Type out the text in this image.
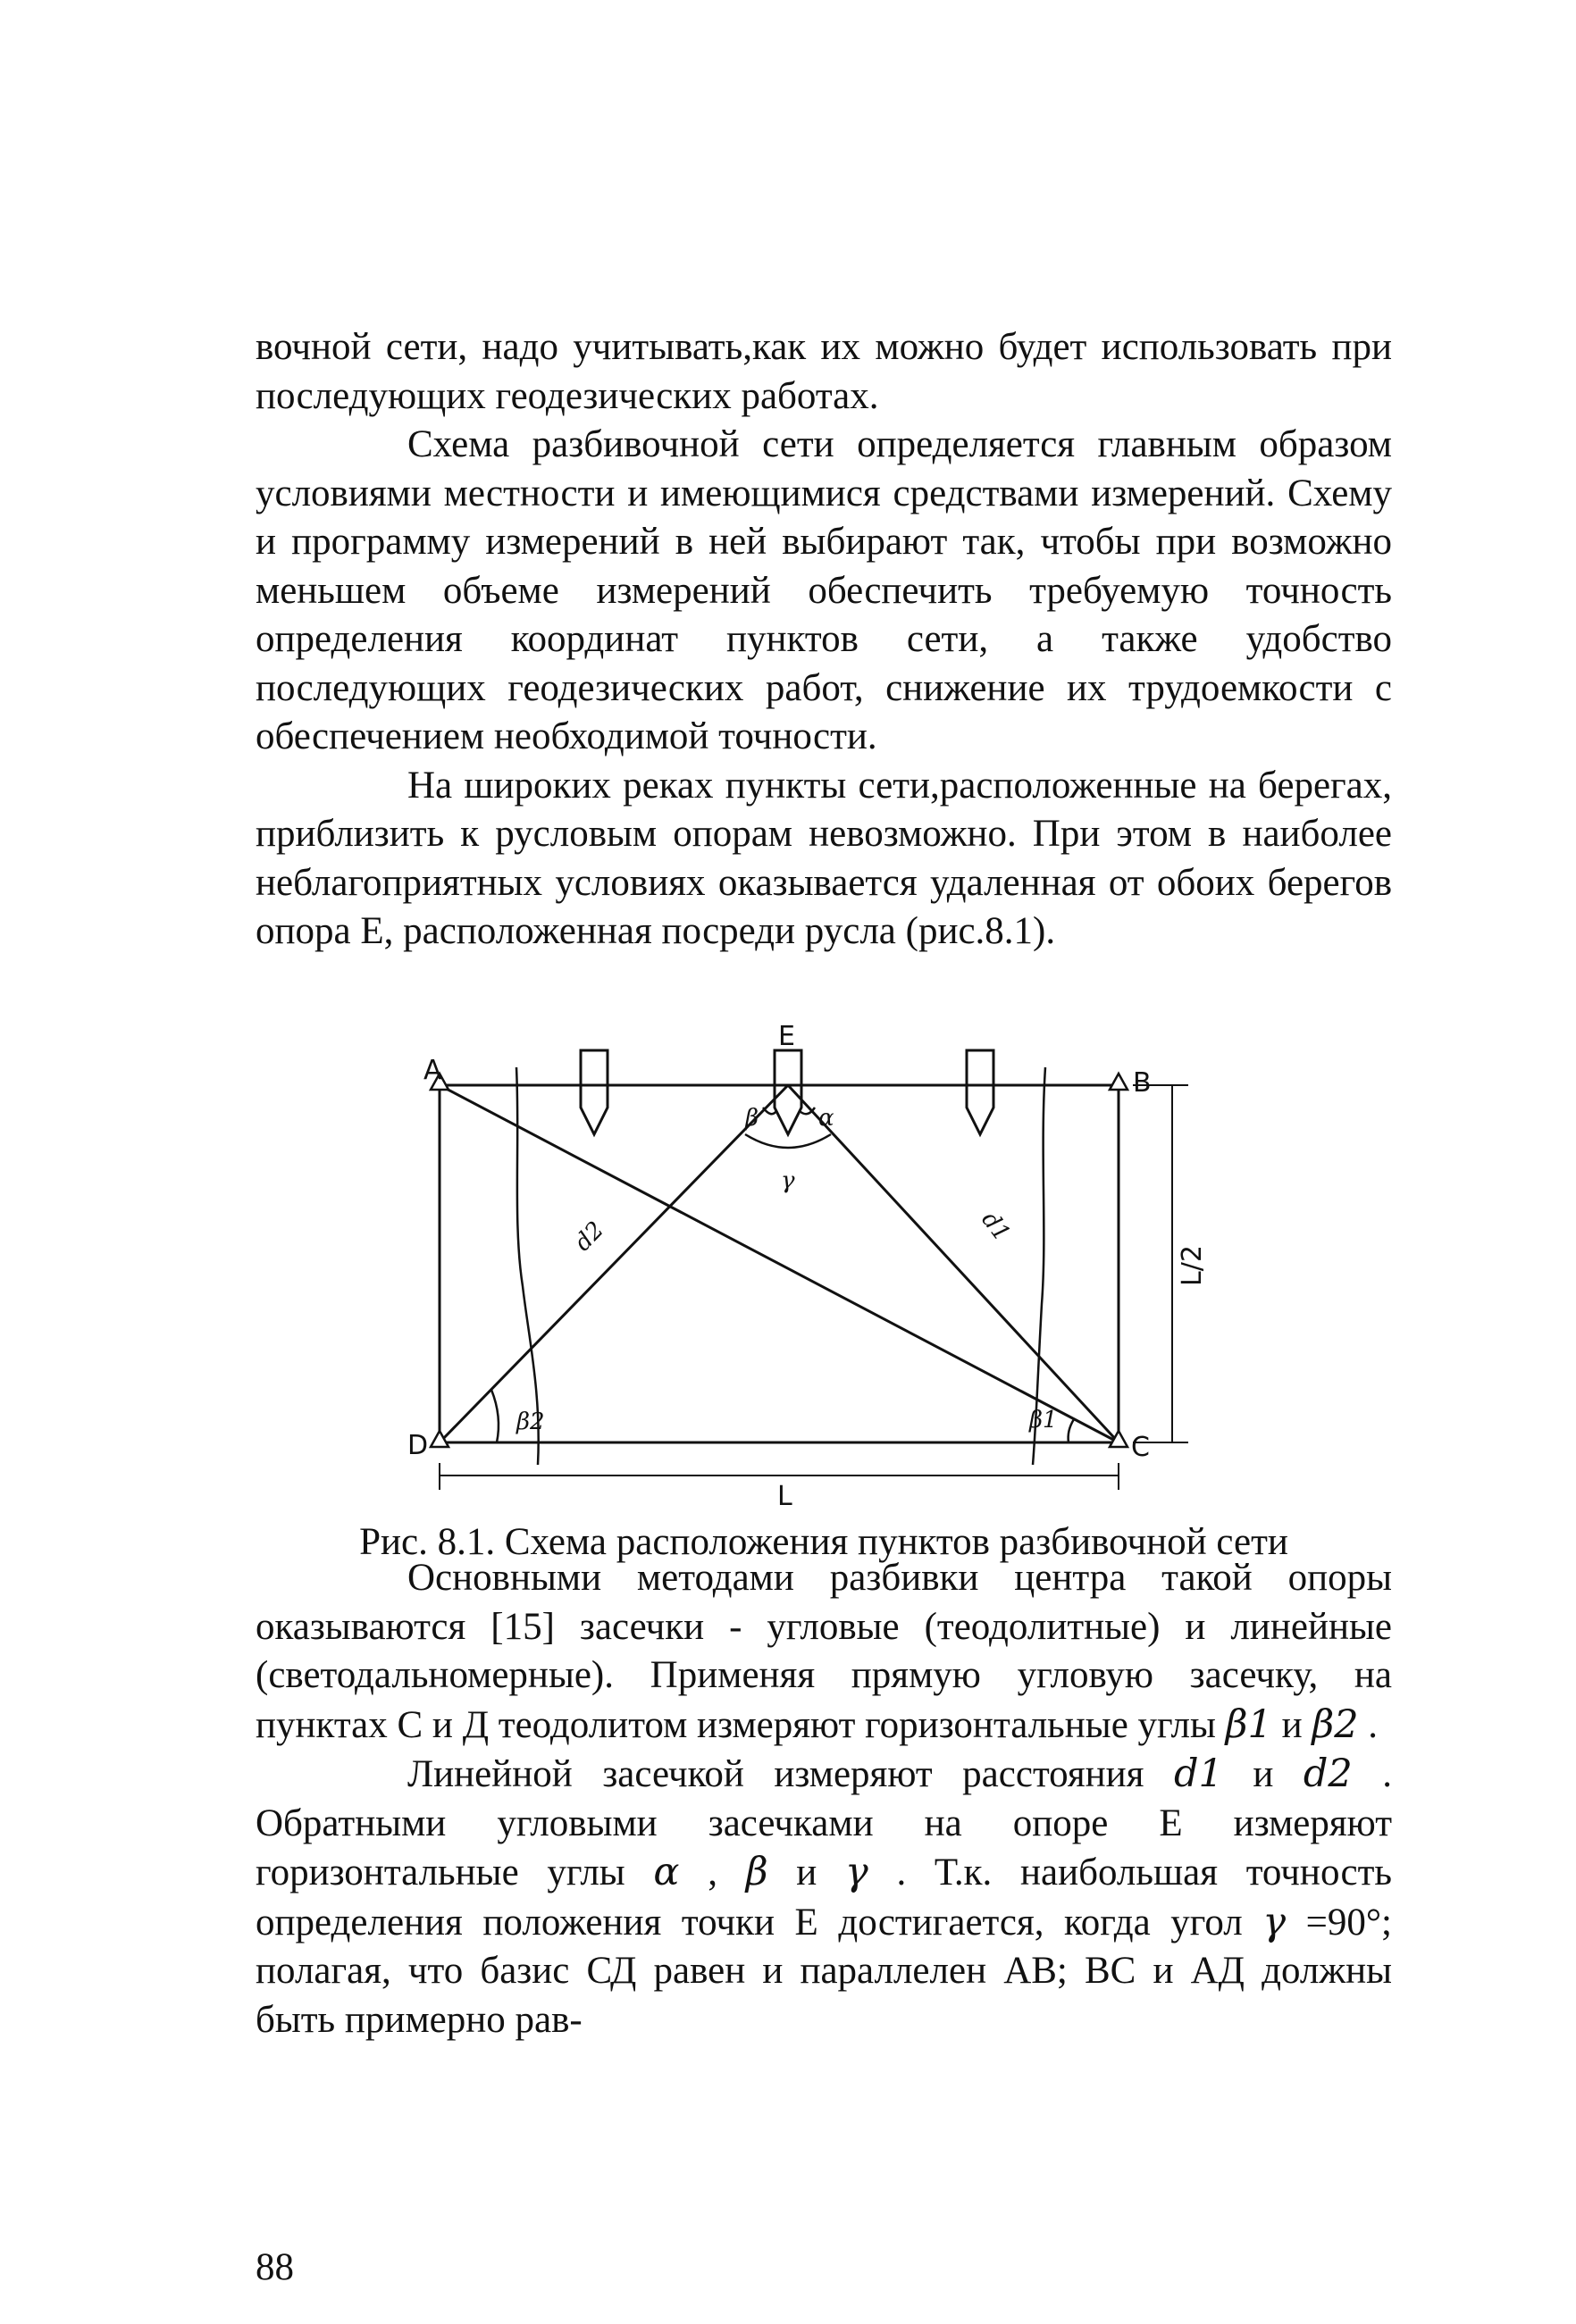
вочной сети, надо учитывать,как их можно будет использовать при последующих геодезических работах.

Схема разбивочной сети определяется главным образом условиями местности и имеющимися средствами измерений. Схему и программу измерений в ней выбирают так, чтобы при возможно меньшем объеме измерений обеспечить требуемую точность определения координат пунктов сети, а также удобство последующих геодезических работ, снижение их трудоемкости с обеспечением необходимой точности.

На широких реках пункты сети,расположенные на берегах, приблизить к русловым опорам невозможно. При этом в наиболее неблагоприятных условиях оказывается удаленная от обоих берегов опора Е, расположенная посреди русла (рис.8.1).

A	B
C
D
E
L
L/2
d1
d2
β	α
γ
β2	β1
Рис. 8.1. Схема расположения пунктов разбивочной сети

Основными методами разбивки центра такой опоры оказываются [15] засечки - угловые (теодолитные) и линейные (светодальномерные). Применяя прямую угловую засечку, на пунктах С и Д теодолитом измеряют горизонтальные углы β1 и β2 .

Линейной засечкой измеряют расстояния d1 и d2 . Обратными угловыми засечками на опоре Е измеряют горизонтальные углы α , β и γ . Т.к. наибольшая точность определения положения точки Е достигается, когда угол γ =90°; полагая, что базис СД равен и параллелен АВ; ВС и АД должны быть примерно рав-

88
